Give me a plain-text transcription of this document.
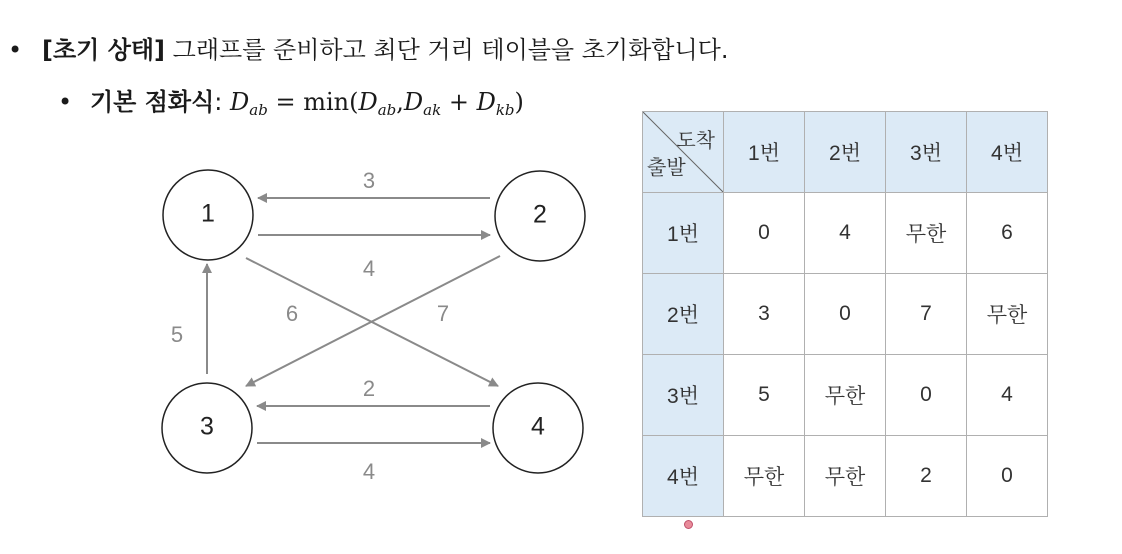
• [초기 상태] 그래프를 준비하고 최단 거리 테이블을 초기화합니다.
• 기본 점화식: $D_{ab} = \min(D_{ab},D_{ak} + D_{kb})$
3
4
5
6	7
2
4
1	2
3	4
도착
출발	1번	2번	3번	4번
1번	0	4	무한	6
2번	3	0	7	무한
3번	5	무한	0	4
4번	무한	무한	2	0
